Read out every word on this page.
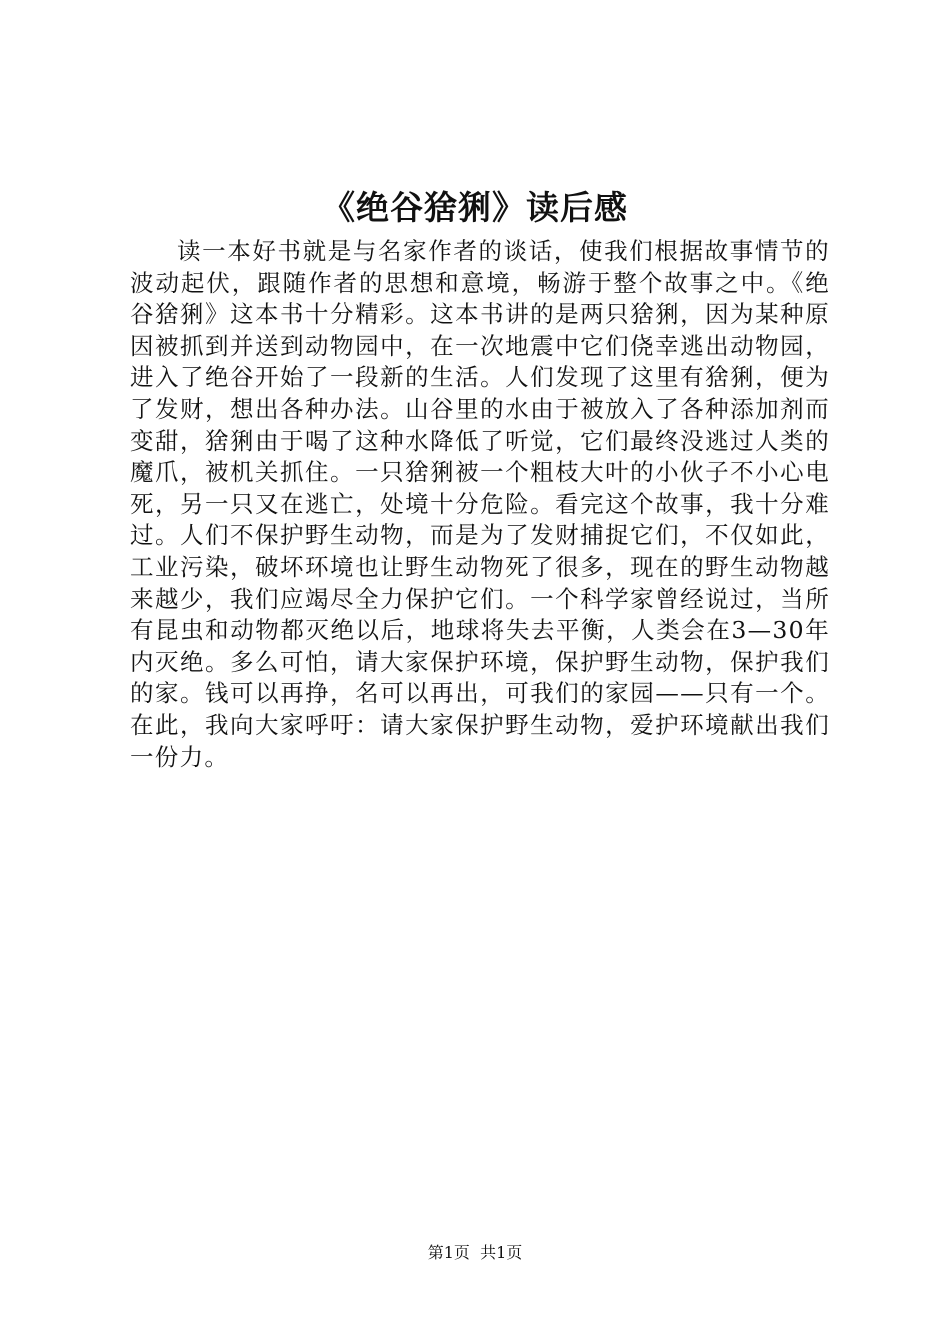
《绝谷猞猁》读后感

读一本好书就是与名家作者的谈话，使我们根据故事情节的波动起伏，跟随作者的思想和意境，畅游于整个故事之中。《绝谷猞猁》这本书十分精彩。这本书讲的是两只猞猁，因为某种原因被抓到并送到动物园中，在一次地震中它们侥幸逃出动物园，进入了绝谷开始了一段新的生活。人们发现了这里有猞猁，便为了发财，想出各种办法。山谷里的水由于被放入了各种添加剂而变甜，猞猁由于喝了这种水降低了听觉，它们最终没逃过人类的魔爪，被机关抓住。一只猞猁被一个粗枝大叶的小伙子不小心电死，另一只又在逃亡，处境十分危险。看完这个故事，我十分难过。人们不保护野生动物，而是为了发财捕捉它们，不仅如此，工业污染，破坏环境也让野生动物死了很多，现在的野生动物越来越少，我们应竭尽全力保护它们。一个科学家曾经说过，当所有昆虫和动物都灭绝以后，地球将失去平衡，人类会在3—30年内灭绝。多么可怕，请大家保护环境，保护野生动物，保护我们的家。钱可以再挣，名可以再出，可我们的家园——只有一个。在此，我向大家呼吁：请大家保护野生动物，爱护环境献出我们一份力。

第1页 共1页
